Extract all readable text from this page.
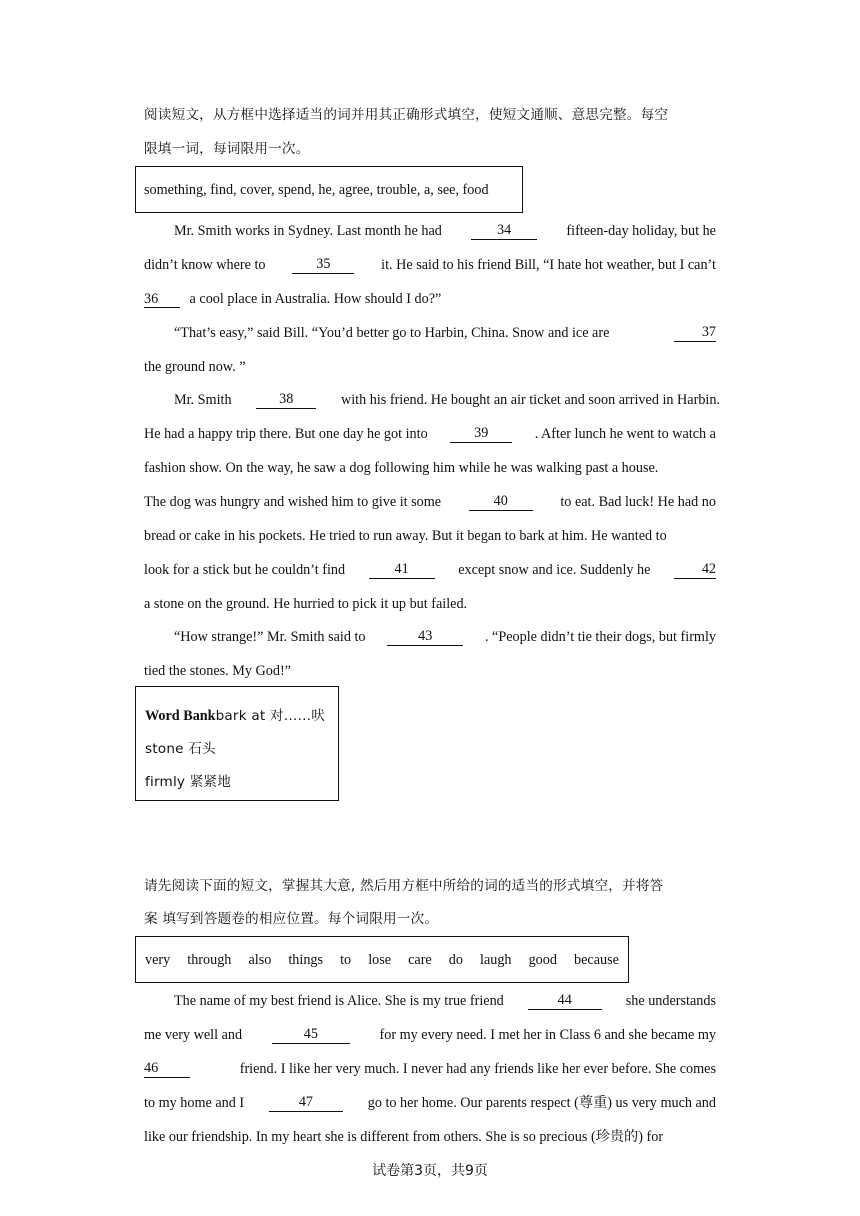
阅读短文，从方框中选择适当的词并用其正确形式填空，使短文通顺、意思完整。每空
限填一词，每词限用一次。
something, find, cover, spend, he, agree, trouble, a, see, food
Mr. Smith works in Sydney. Last month he had	34	fifteen-day holiday, but he
didn’t know where to	35	it. He said to his friend Bill, “I hate hot weather, but I can’t
36 a cool place in Australia. How should I do?”
“That’s easy,” said Bill. “You’d better go to Harbin, China. Snow and ice are	37
the ground now. ”
Mr. Smith	38	with his friend. He bought an air ticket and soon arrived in Harbin.
He had a happy trip there. But one day he got into	39	. After lunch he went to watch a
fashion show. On the way, he saw a dog following him while he was walking past a house.
The dog was hungry and wished him to give it some	40	to eat. Bad luck! He had no
bread or cake in his pockets. He tried to run away. But it began to bark at him. He wanted to
look for a stick but he couldn’t find	41	except snow and ice. Suddenly he	42
a stone on the ground. He hurried to pick it up but failed.
“How strange!” Mr. Smith said to	43	. “People didn’t tie their dogs, but firmly
tied the stones. My God!”
Word Bankbark at 对……吠
stone 石头
firmly 紧紧地
请先阅读下面的短文，掌握其大意, 然后用方框中所给的词的适当的形式填空，并将答
案 填写到答题卷的相应位置。每个词限用一次。
very through also things to lose care do laugh good because
The name of my best friend is Alice. She is my true friend	44	she understands
me very well and	45	for my every need. I met her in Class 6 and she became my
46	friend. I like her very much. I never had any friends like her ever before. She comes
to my home and I	47	go to her home. Our parents respect (尊重) us very much and
like our friendship. In my heart she is different from others. She is so precious (珍贵的) for
试卷第3页，共9页
